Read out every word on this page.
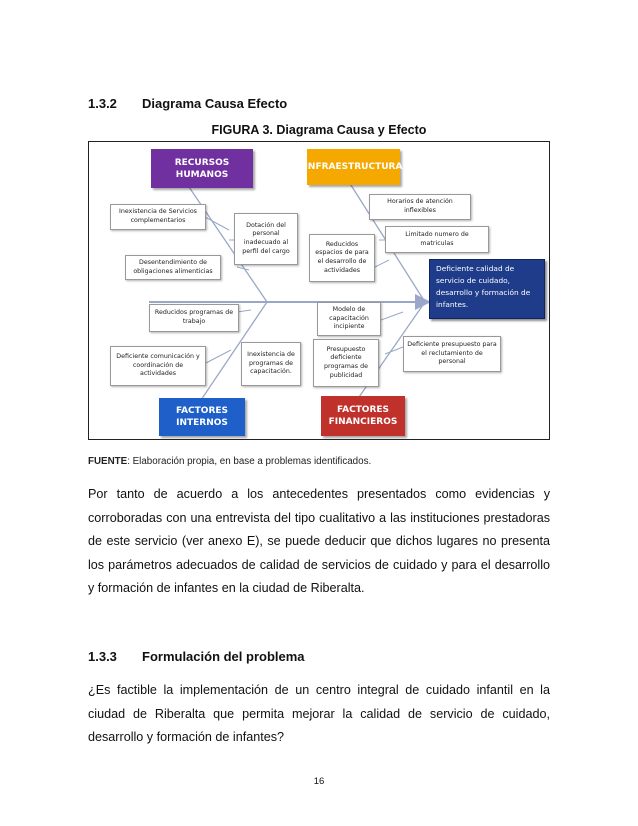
1.3.2 Diagrama Causa Efecto
FIGURA 3. Diagrama Causa y Efecto
RECURSOS HUMANOS
INFRAESTRUCTURA
FACTORES INTERNOS
FACTORES FINANCIEROS
Inexistencia de Servicios complementarios
Dotación del personal inadecuado al perfil del cargo
Desentendimiento de obligaciones alimenticias
Horarios de atención inflexibles
Limitado numero de matriculas
Reducidos espacios de para el desarrollo de actividades
Reducidos programas de trabajo
Modelo de capacitación incipiente
Deficiente comunicación y coordinación de actividades
Inexistencia de programas de capacitación.
Presupuesto deficiente programas de publicidad
Deficiente presupuesto para el reclutamiento de personal
Deficiente calidad de servicio de cuidado, desarrollo y formación de infantes.
FUENTE: Elaboración propia, en base a problemas identificados.
Por tanto de acuerdo a los antecedentes presentados como evidencias y corroboradas con una entrevista del tipo cualitativo a las instituciones prestadoras de este servicio (ver anexo E), se puede deducir que dichos lugares no presenta los parámetros adecuados de calidad de servicios de cuidado y para el desarrollo y formación de infantes en la ciudad de Riberalta.
1.3.3 Formulación del problema
¿Es factible la implementación de un centro integral de cuidado infantil en la ciudad de Riberalta que permita mejorar la calidad de servicio de cuidado, desarrollo y formación de infantes?
16
